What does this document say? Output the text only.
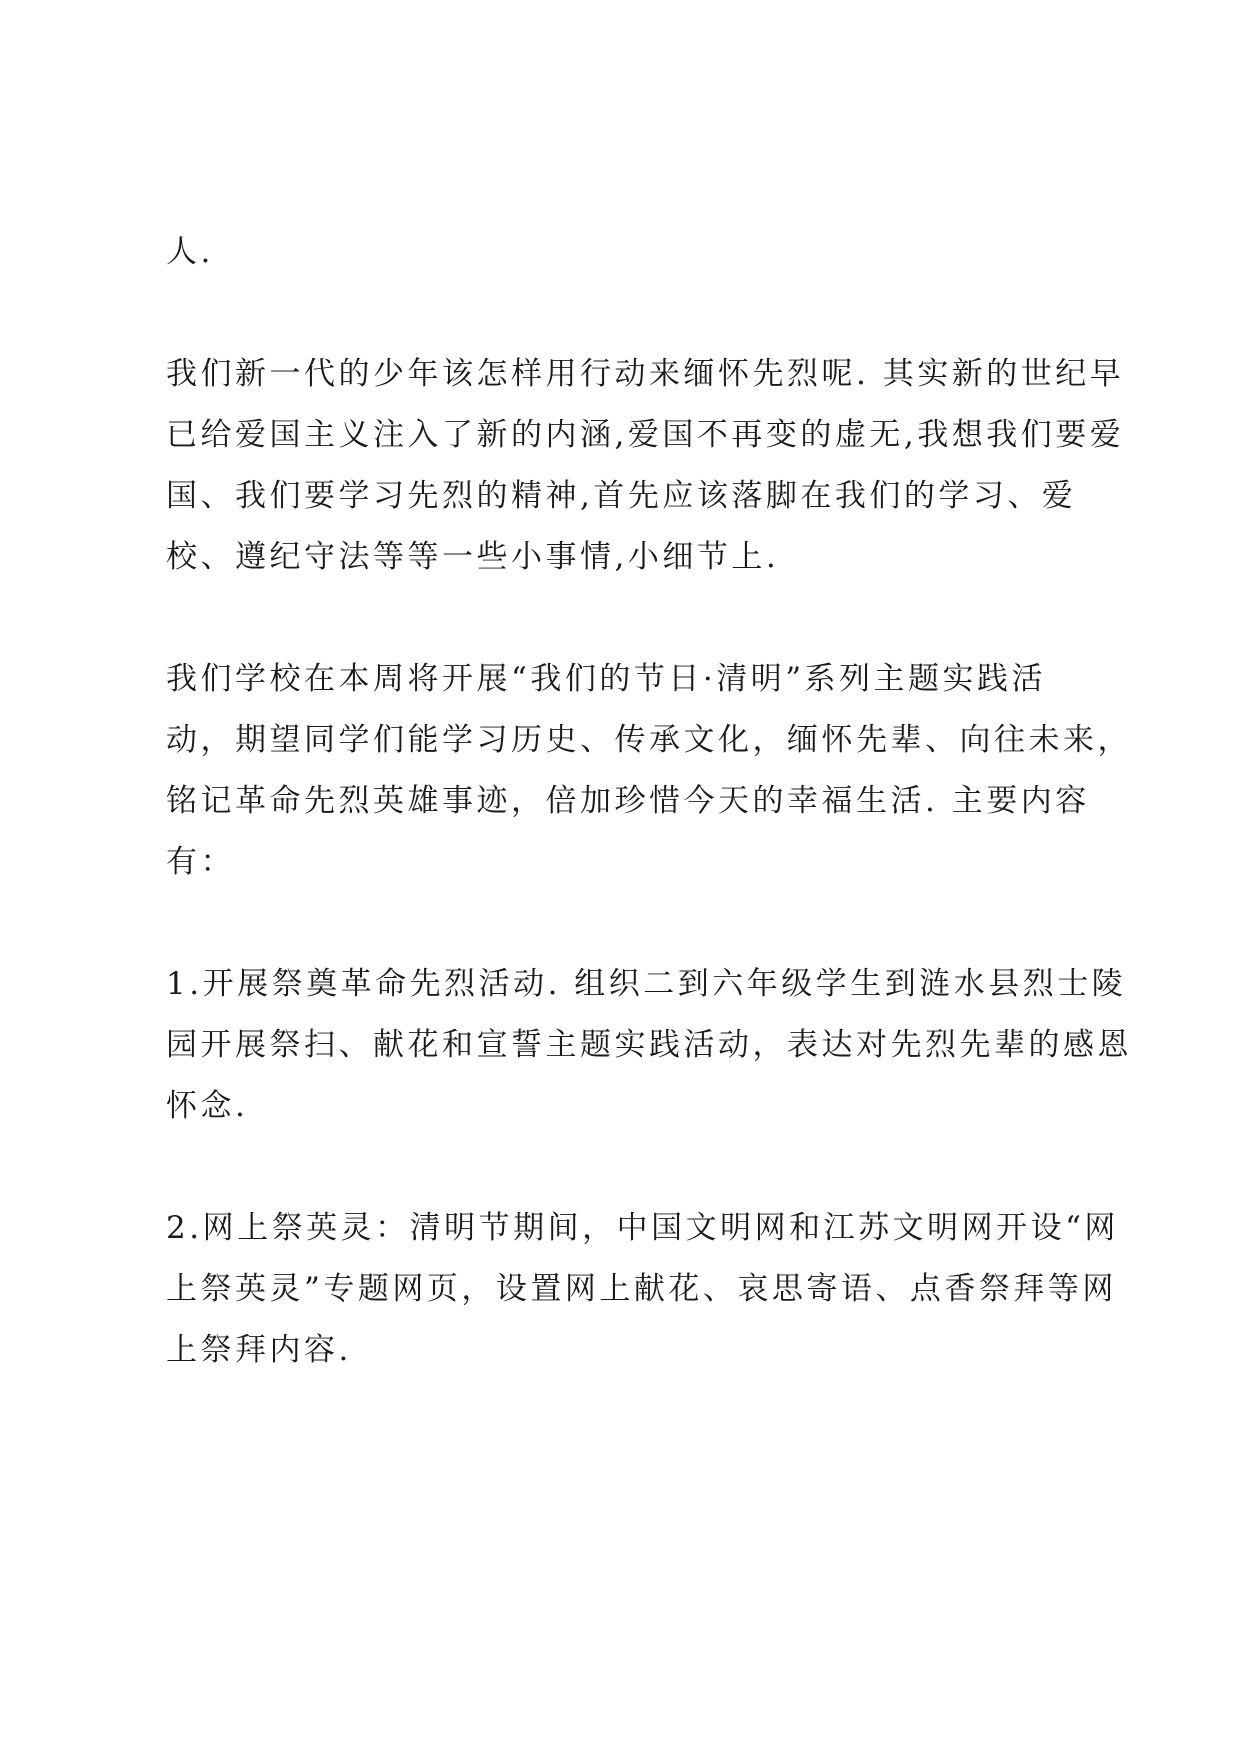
人.
我们新一代的少年该怎样用行动来缅怀先烈呢. 其实新的世纪早
已给爱国主义注入了新的内涵,爱国不再变的虚无,我想我们要爱
国、我们要学习先烈的精神,首先应该落脚在我们的学习、爱
校、遵纪守法等等一些小事情,小细节上.
我们学校在本周将开展“我们的节日·清明”系列主题实践活
动，期望同学们能学习历史、传承文化，缅怀先辈、向往未来，
铭记革命先烈英雄事迹，倍加珍惜今天的幸福生活. 主要内容
有：
1.开展祭奠革命先烈活动. 组织二到六年级学生到涟水县烈士陵
园开展祭扫、献花和宣誓主题实践活动，表达对先烈先辈的感恩
怀念.
2.网上祭英灵：清明节期间，中国文明网和江苏文明网开设“网
上祭英灵”专题网页，设置网上献花、哀思寄语、点香祭拜等网
上祭拜内容.
